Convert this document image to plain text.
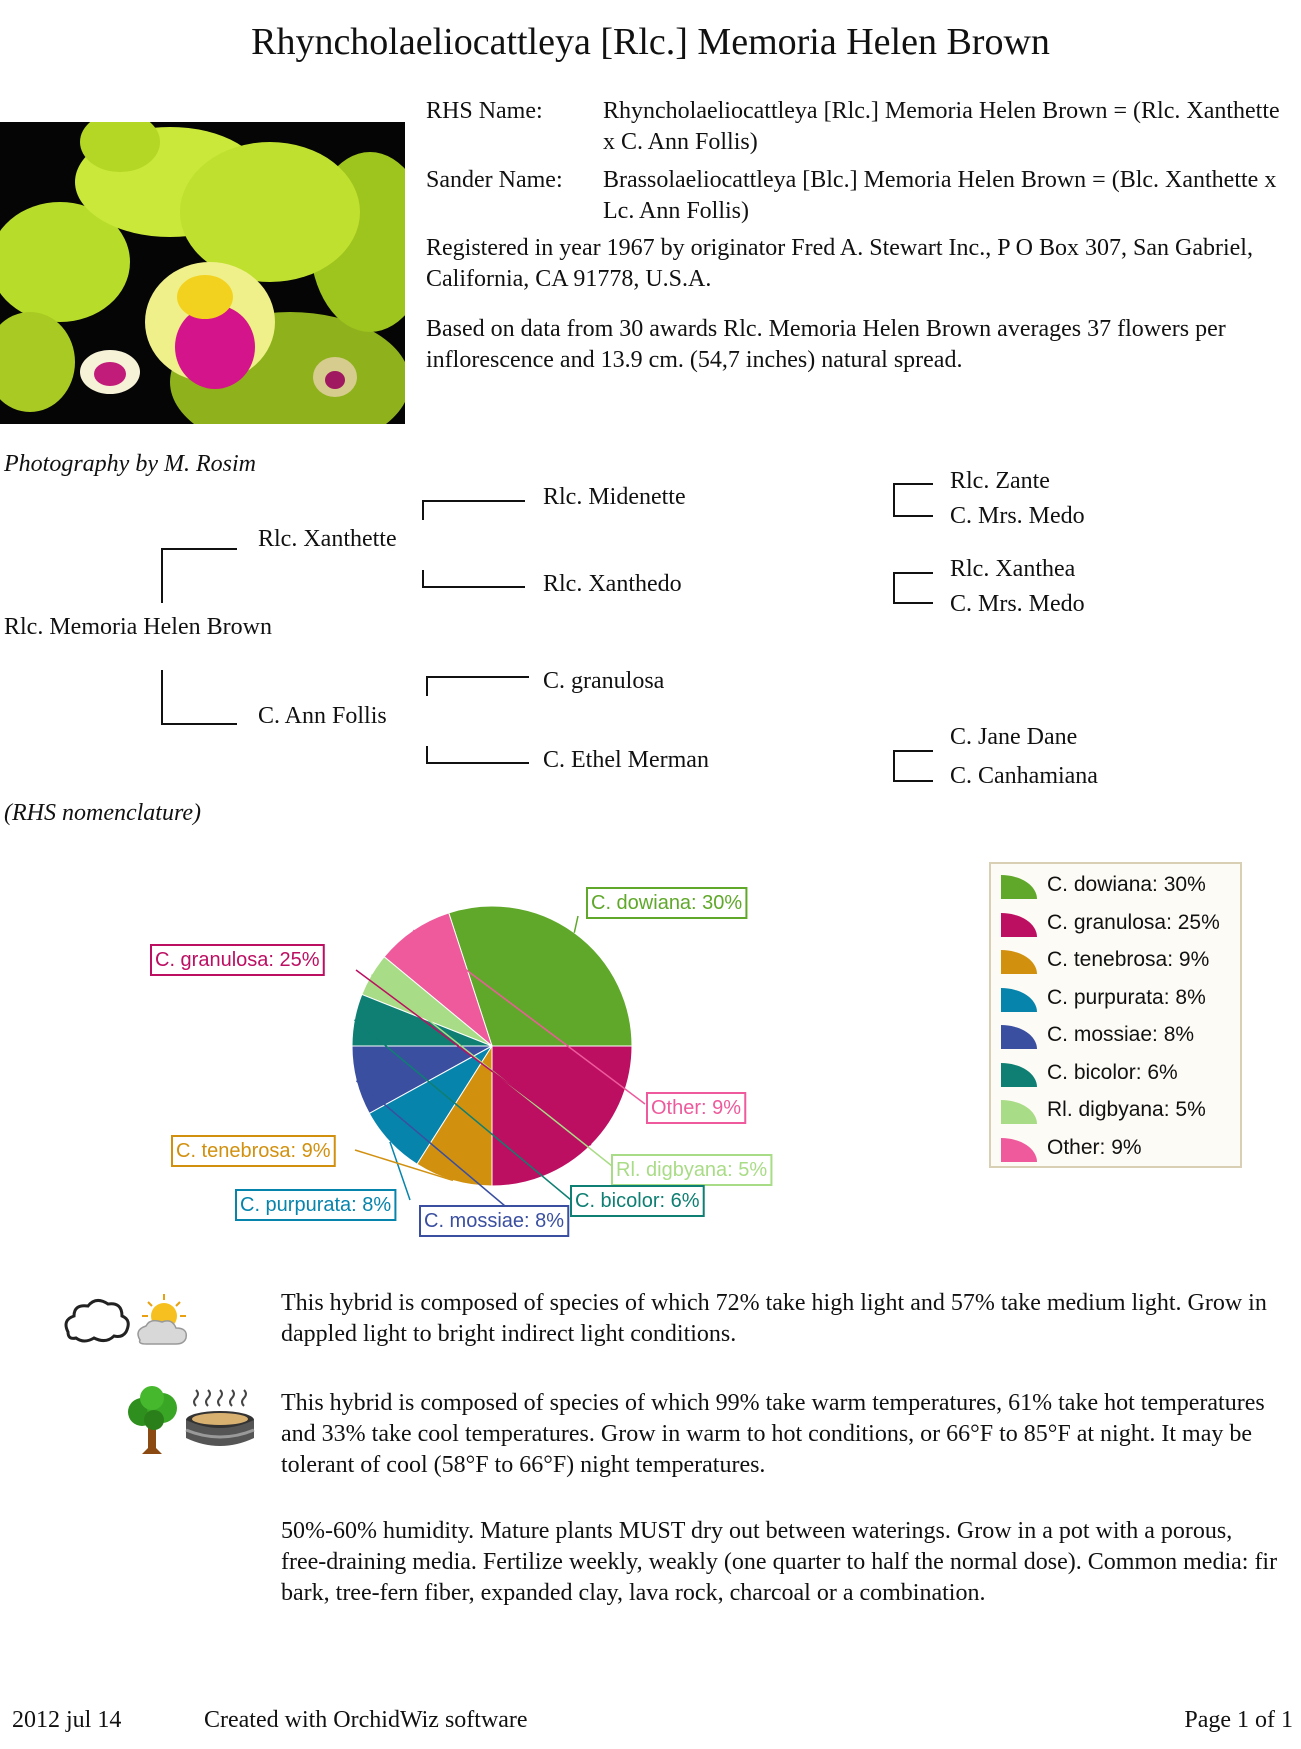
Rhyncholaeliocattleya [Rlc.] Memoria Helen Brown
RHS Name:	Rhyncholaeliocattleya [Rlc.] Memoria Helen Brown = (Rlc. Xanthette x C. Ann Follis)
Sander Name: Brassolaeliocattleya [Blc.] Memoria Helen Brown = (Blc. Xanthette x Lc. Ann Follis)
Registered in year 1967 by originator Fred A. Stewart Inc., P O Box 307, San Gabriel, California, CA 91778, U.S.A.
Based on data from 30 awards Rlc. Memoria Helen Brown averages 37 flowers per inflorescence and 13.9 cm. (54,7 inches) natural spread.
Photography by M. Rosim
Rlc. Memoria Helen Brown
Rlc. Xanthette
C. Ann Follis
Rlc. Midenette
Rlc. Xanthedo
C. granulosa
C. Ethel Merman
Rlc. Zante
C. Mrs. Medo
Rlc. Xanthea
C. Mrs. Medo
C. Jane Dane
C. Canhamiana
(RHS nomenclature)
C. dowiana: 30%
Other: 9%
Rl. digbyana: 5%
C. bicolor: 6%
C. mossiae: 8%
C. purpurata: 8%
C. tenebrosa: 9%
C. granulosa: 25%
C. dowiana: 30%
C. granulosa: 25%
C. tenebrosa: 9%
C. purpurata: 8%
C. mossiae: 8%
C. bicolor: 6%
Rl. digbyana: 5%
Other: 9%
This hybrid is composed of species of which 72% take high light and 57% take medium light. Grow in dappled light to bright indirect light conditions.
This hybrid is composed of species of which 99% take warm temperatures, 61% take hot temperatures and 33% take cool temperatures. Grow in warm to hot conditions, or 66°F to 85°F at night. It may be tolerant of cool (58°F to 66°F) night temperatures.
50%-60% humidity. Mature plants MUST dry out between waterings. Grow in a pot with a porous, free-draining media. Fertilize weekly, weakly (one quarter to half the normal dose). Common media: fir bark, tree-fern fiber, expanded clay, lava rock, charcoal or a combination.
2012 jul 14	Created with OrchidWiz software	Page 1 of 1
